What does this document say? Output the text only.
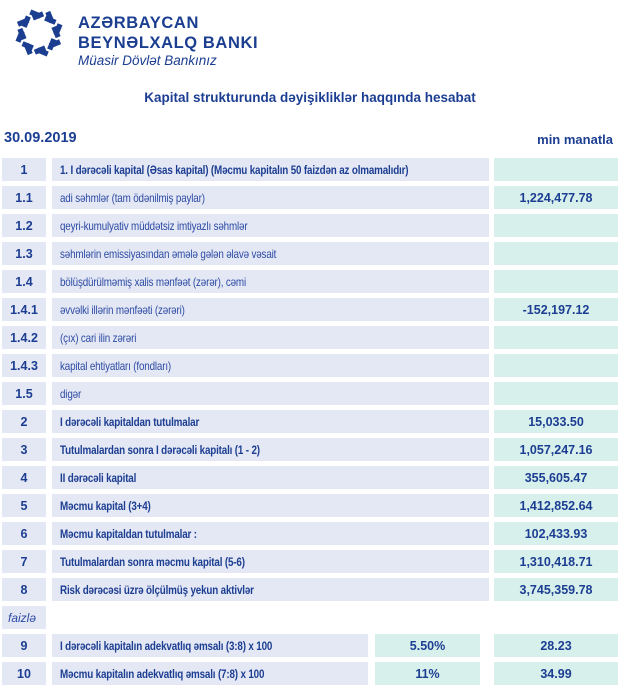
AZƏRBAYCAN
BEYNƏLXALQ BANKI
Müasir Dövlət Bankınız
Kapital strukturunda dəyişikliklər haqqında hesabat
30.09.2019	min manatla
1	1. I dərəcəli kapital (Əsas kapital) (Məcmu kapitalın 50 faizdən az olmamalıdır)
1.1	adi səhmlər (tam ödənilmiş paylar)	1,224,477.78
1.2	qeyri-kumulyativ müddətsiz imtiyazlı səhmlər
1.3	səhmlərin emissiyasından əmələ gələn əlavə vəsait
1.4	bölüşdürülməmiş xalis mənfəət (zərər), cəmi
1.4.1	əvvəlki illərin mənfəəti (zərəri)	-152,197.12
1.4.2	(çıx) cari ilin zərəri
1.4.3	kapital ehtiyatları (fondları)
1.5	digər
2	I dərəcəli kapitaldan tutulmalar	15,033.50
3	Tutulmalardan sonra I dərəcəli kapitalı (1 - 2)	1,057,247.16
4	II dərəcəli kapital	355,605.47
5	Məcmu kapital (3+4)	1,412,852.64
6	Məcmu kapitaldan tutulmalar :	102,433.93
7	Tutulmalardan sonra məcmu kapital (5-6)	1,310,418.71
8	Risk dərəcəsi üzrə ölçülmüş yekun aktivlər	3,745,359.78
faizlə
9	I dərəcəli kapitalın adekvatlıq əmsalı (3:8) x 100	5.50%	28.23
10	Məcmu kapitalın adekvatlıq əmsalı (7:8) x 100	11%	34.99
